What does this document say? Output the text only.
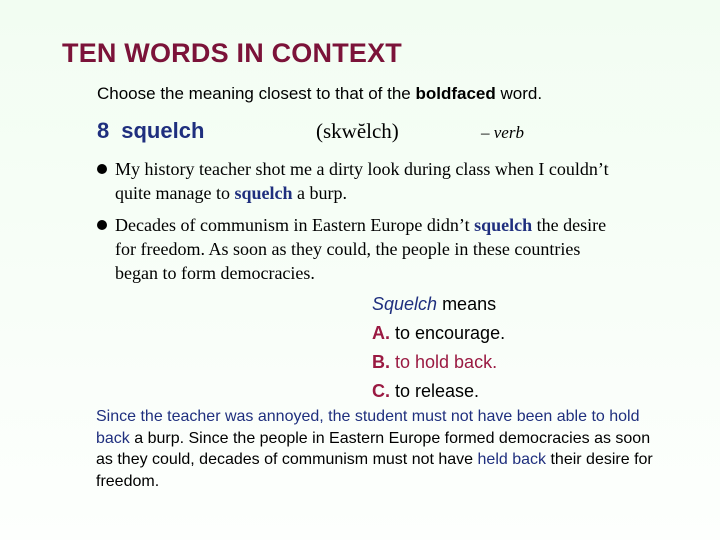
TEN WORDS IN CONTEXT
Choose the meaning closest to that of the boldfaced word.
8 squelch	(skwĕlch)	– verb
My history teacher shot me a dirty look during class when I couldn’t quite manage to squelch a burp.
Decades of communism in Eastern Europe didn’t squelch the desire for freedom. As soon as they could, the people in these countries began to form democracies.
Squelch means
A. to encourage.
B. to hold back.
C. to release.
Since the teacher was annoyed, the student must not have been able to hold back a burp. Since the people in Eastern Europe formed democracies as soon as they could, decades of communism must not have held back their desire for freedom.
